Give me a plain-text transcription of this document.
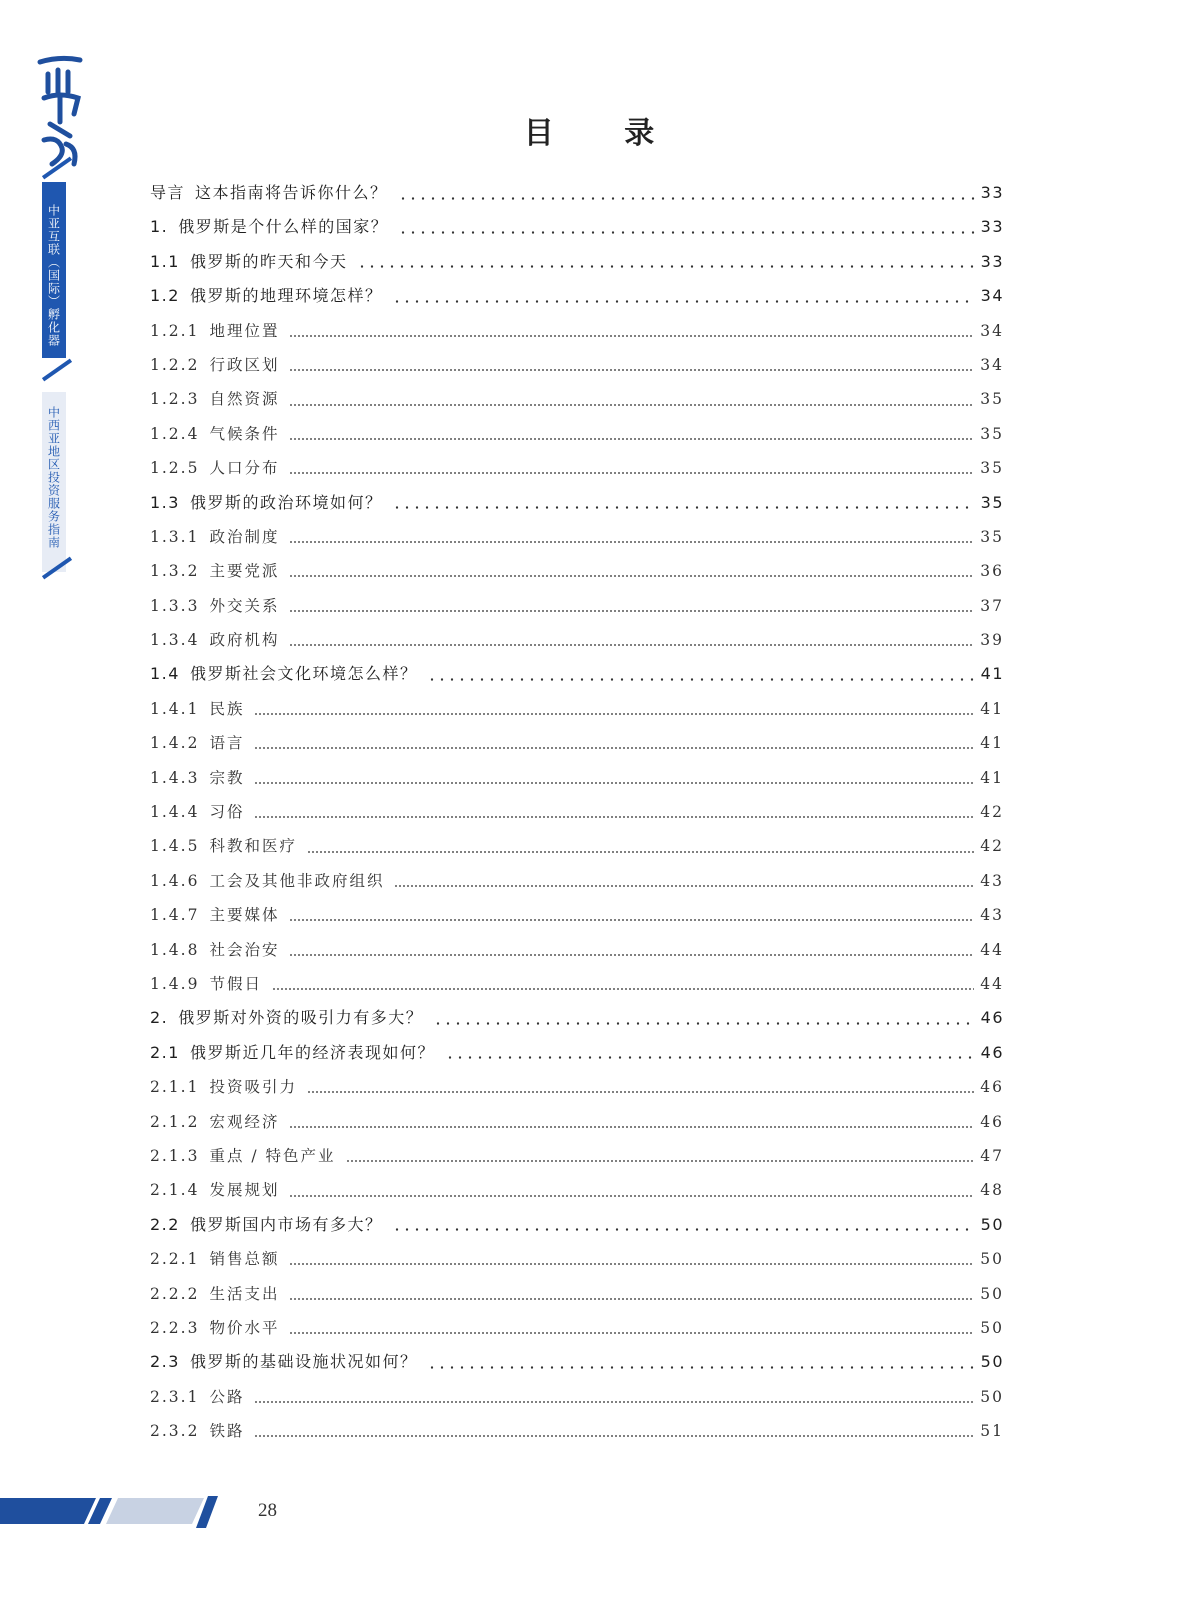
中亚互联（国际）孵化器
中西亚地区投资服务指南
目 录
导言 这本指南将告诉你什么？	33
1. 俄罗斯是个什么样的国家？	33
1.1 俄罗斯的昨天和今天	33
1.2 俄罗斯的地理环境怎样？	34
1.2.1 地理位置	34
1.2.2 行政区划	34
1.2.3 自然资源	35
1.2.4 气候条件	35
1.2.5 人口分布	35
1.3 俄罗斯的政治环境如何？	35
1.3.1 政治制度	35
1.3.2 主要党派	36
1.3.3 外交关系	37
1.3.4 政府机构	39
1.4 俄罗斯社会文化环境怎么样？	41
1.4.1 民族	41
1.4.2 语言	41
1.4.3 宗教	41
1.4.4 习俗	42
1.4.5 科教和医疗	42
1.4.6 工会及其他非政府组织	43
1.4.7 主要媒体	43
1.4.8 社会治安	44
1.4.9 节假日	44
2. 俄罗斯对外资的吸引力有多大？	46
2.1 俄罗斯近几年的经济表现如何？	46
2.1.1 投资吸引力	46
2.1.2 宏观经济	46
2.1.3 重点 / 特色产业	47
2.1.4 发展规划	48
2.2 俄罗斯国内市场有多大？	50
2.2.1 销售总额	50
2.2.2 生活支出	50
2.2.3 物价水平	50
2.3 俄罗斯的基础设施状况如何？	50
2.3.1 公路	50
2.3.2 铁路	51
28
